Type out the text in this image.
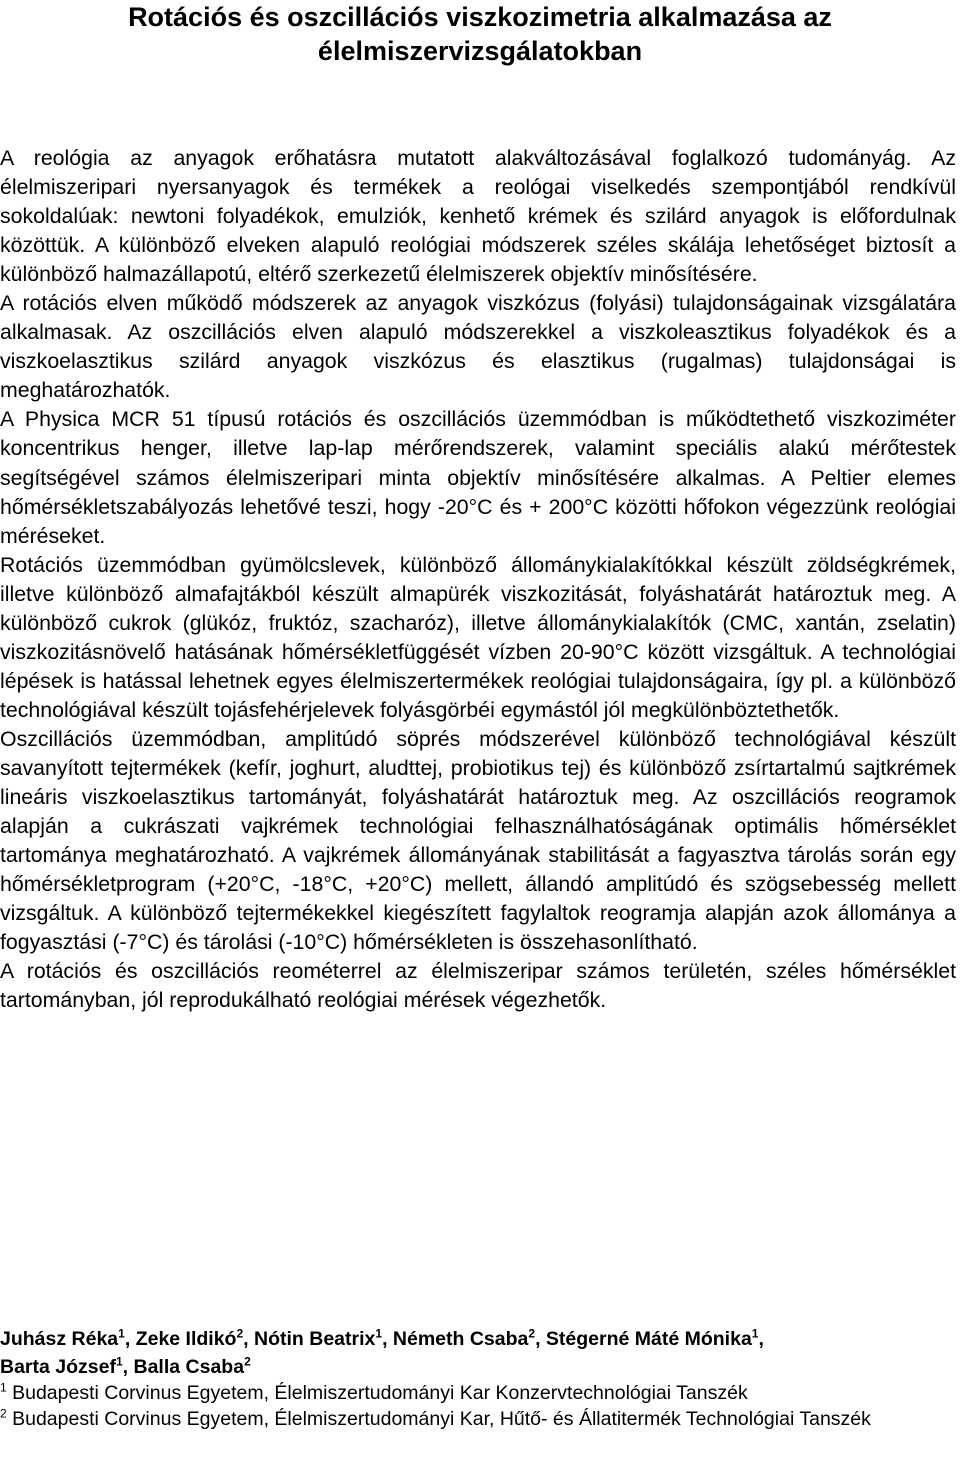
Rotációs és oszcillációs viszkozimetria alkalmazása az
élelmiszervizsgálatokban

A reológia az anyagok erőhatásra mutatott alakváltozásával foglalkozó tudományág. Az élelmiszeripari nyersanyagok és termékek a reológai viselkedés szempontjából rendkívül sokoldalúak: newtoni folyadékok, emulziók, kenhető krémek és szilárd anyagok is előfordulnak közöttük. A különböző elveken alapuló reológiai módszerek széles skálája lehetőséget biztosít a különböző halmazállapotú, eltérő szerkezetű élelmiszerek objektív minősítésére.

A rotációs elven működő módszerek az anyagok viszkózus (folyási) tulajdonságainak vizsgálatára alkalmasak. Az oszcillációs elven alapuló módszerekkel a viszkoleasztikus folyadékok és a viszkoelasztikus szilárd anyagok viszkózus és elasztikus (rugalmas) tulajdonságai is meghatározhatók.

A Physica MCR 51 típusú rotációs és oszcillációs üzemmódban is működtethető viszkoziméter koncentrikus henger, illetve lap-lap mérőrendszerek, valamint speciális alakú mérőtestek segítségével számos élelmiszeripari minta objektív minősítésére alkalmas. A Peltier elemes hőmérsékletszabályozás lehetővé teszi, hogy -20°C és + 200°C közötti hőfokon végezzünk reológiai méréseket.

Rotációs üzemmódban gyümölcslevek, különböző állománykialakítókkal készült zöldségkrémek, illetve különböző almafajtákból készült almapürék viszkozitását, folyáshatárát határoztuk meg. A különböző cukrok (glükóz, fruktóz, szacharóz), illetve állománykialakítók (CMC, xantán, zselatin) viszkozitásnövelő hatásának hőmérsékletfüggését vízben 20-90°C között vizsgáltuk. A technológiai lépések is hatással lehetnek egyes élelmiszertermékek reológiai tulajdonságaira, így pl. a különböző technológiával készült tojásfehérjelevek folyásgörbéi egymástól jól megkülönböztethetők.

Oszcillációs üzemmódban, amplitúdó söprés módszerével különböző technológiával készült savanyított tejtermékek (kefír, joghurt, aludttej, probiotikus tej) és különböző zsírtartalmú sajtkrémek lineáris viszkoelasztikus tartományát, folyáshatárát határoztuk meg. Az oszcillációs reogramok alapján a cukrászati vajkrémek technológiai felhasználhatóságának optimális hőmérséklet tartománya meghatározható. A vajkrémek állományának stabilitását a fagyasztva tárolás során egy hőmérsékletprogram (+20°C, -18°C, +20°C) mellett, állandó amplitúdó és szögsebesség mellett vizsgáltuk. A különböző tejtermékekkel kiegészített fagylaltok reogramja alapján azok állománya a fogyasztási (-7°C) és tárolási (-10°C) hőmérsékleten is összehasonlítható.

A rotációs és oszcillációs reométerrel az élelmiszeripar számos területén, széles hőmérséklet tartományban, jól reprodukálható reológiai mérések végezhetők.

Juhász Réka$^1$, Zeke Ildikó$^2$, Nótin Beatrix$^1$, Németh Csaba$^2$, Stégerné Máté Mónika$^1$,
Barta József$^1$, Balla Csaba$^2$

$^1$ Budapesti Corvinus Egyetem, Élelmiszertudományi Kar Konzervtechnológiai Tanszék

$^2$ Budapesti Corvinus Egyetem, Élelmiszertudományi Kar, Hűtő- és Állatitermék Technológiai Tanszék
